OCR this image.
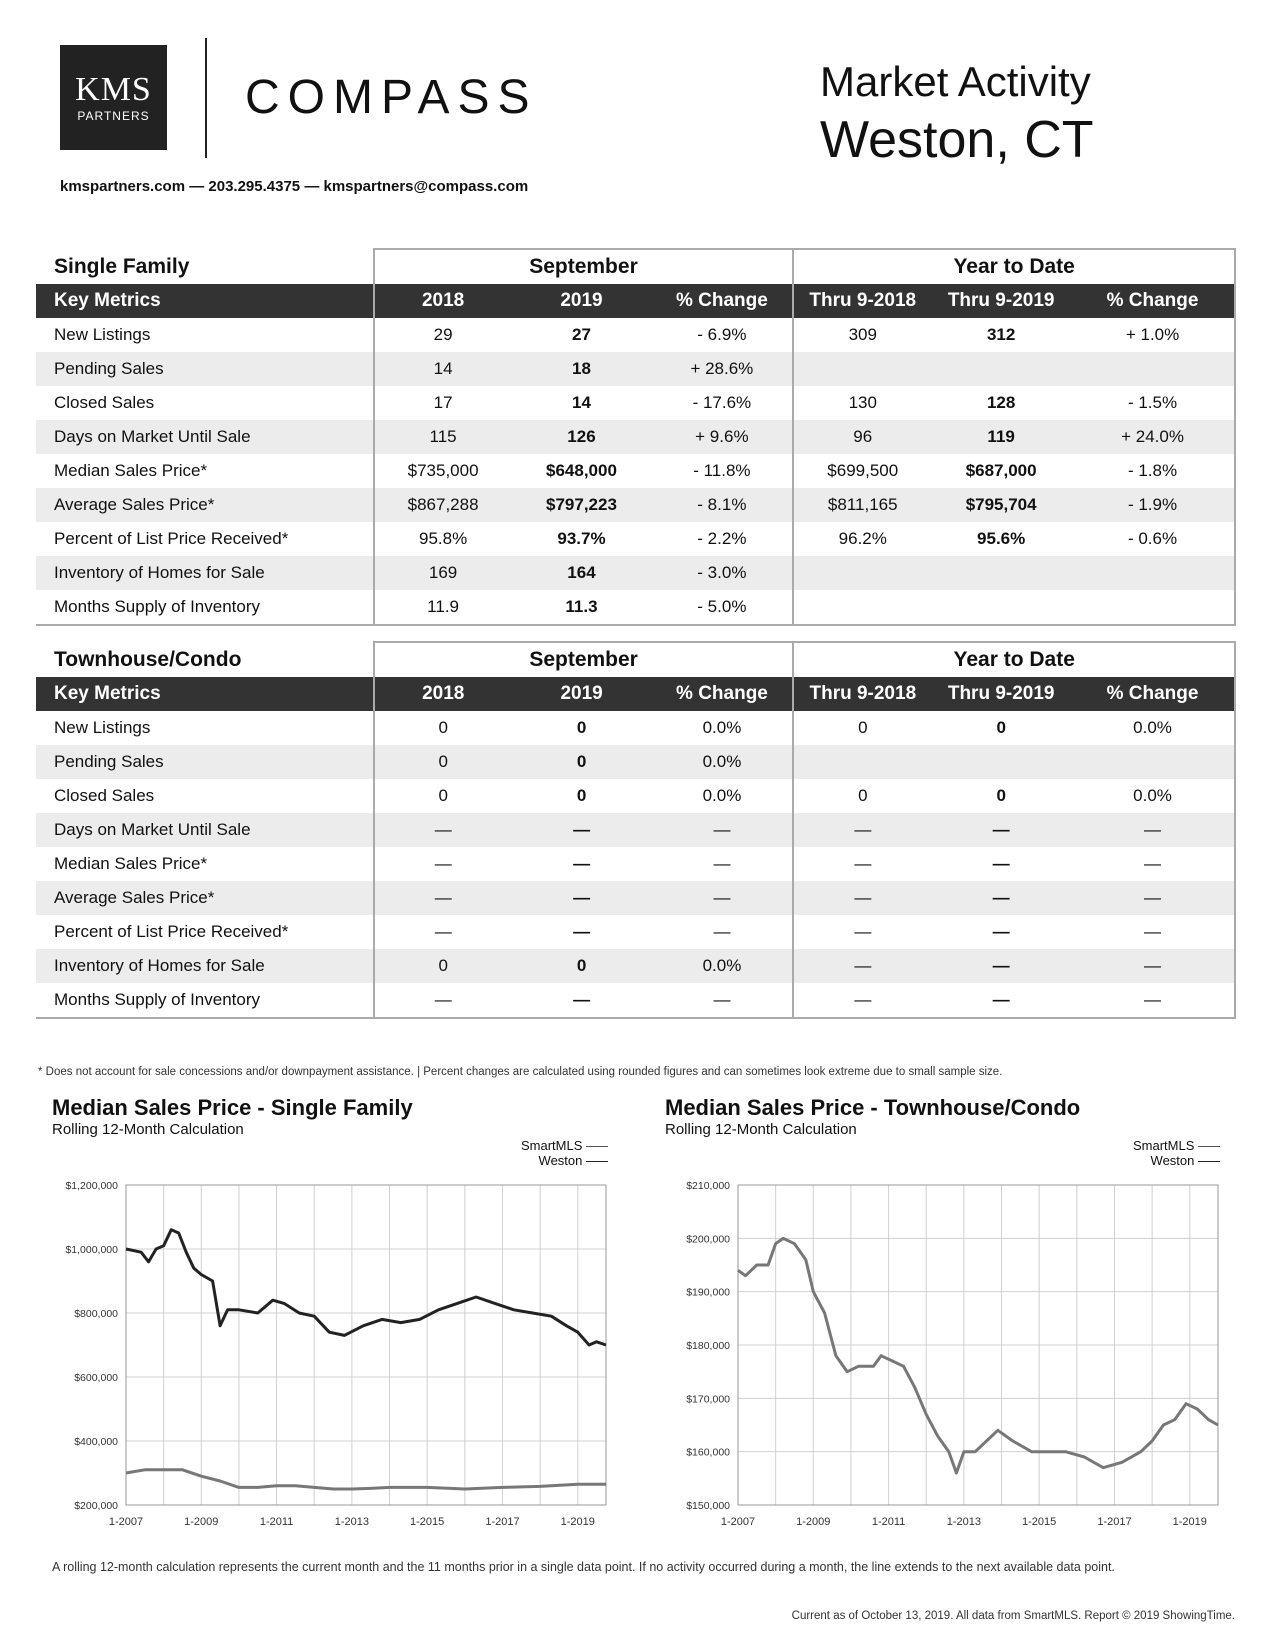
KMS
PARTNERS	COMPASS	Market Activity
Weston, CT
kmspartners.com — 203.295.4375 — kmspartners@compass.com
Single Family	September			Year to Date		
Key Metrics	2018	2019	% Change	Thru 9-2018	Thru 9-2019	% Change
New Listings	29	27	- 6.9%	309	312	+ 1.0%
Pending Sales	14	18	+ 28.6%			
Closed Sales	17	14	- 17.6%	130	128	- 1.5%
Days on Market Until Sale	115	126	+ 9.6%	96	119	+ 24.0%
Median Sales Price*	$735,000	$648,000	- 11.8%	$699,500	$687,000	- 1.8%
Average Sales Price*	$867,288	$797,223	- 8.1%	$811,165	$795,704	- 1.9%
Percent of List Price Received*	95.8%	93.7%	- 2.2%	96.2%	95.6%	- 0.6%
Inventory of Homes for Sale	169	164	- 3.0%			
Months Supply of Inventory	11.9	11.3	- 5.0%			
Townhouse/Condo	September			Year to Date		
Key Metrics	2018	2019	% Change	Thru 9-2018	Thru 9-2019	% Change
New Listings	0	0	0.0%	0	0	0.0%
Pending Sales	0	0	0.0%			
Closed Sales	0	0	0.0%	0	0	0.0%
Days on Market Until Sale	—	—	—	—	—	—
Median Sales Price*	—	—	—	—	—	—
Average Sales Price*	—	—	—	—	—	—
Percent of List Price Received*	—	—	—	—	—	—
Inventory of Homes for Sale	0	0	0.0%	—	—	—
Months Supply of Inventory	—	—	—	—	—	—
* Does not account for sale concessions and/or downpayment assistance. | Percent changes are calculated using rounded figures and can sometimes look extreme due to small sample size.
Median Sales Price - Single Family
Rolling 12-Month Calculation
SmartMLS
Weston
$1,200,000
$1,000,000
$800,000
$600,000
$400,000
$200,000
1-2007	1-2009	1-2011	1-2013	1-2015	1-2017	1-2019
Median Sales Price - Townhouse/Condo
Rolling 12-Month Calculation
SmartMLS
Weston
$210,000
$200,000
$190,000
$180,000
$170,000
$160,000
$150,000
1-2007	1-2009	1-2011	1-2013	1-2015	1-2017	1-2019
A rolling 12-month calculation represents the current month and the 11 months prior in a single data point. If no activity occurred during a month, the line extends to the next available data point.
Current as of October 13, 2019. All data from SmartMLS. Report © 2019 ShowingTime.
